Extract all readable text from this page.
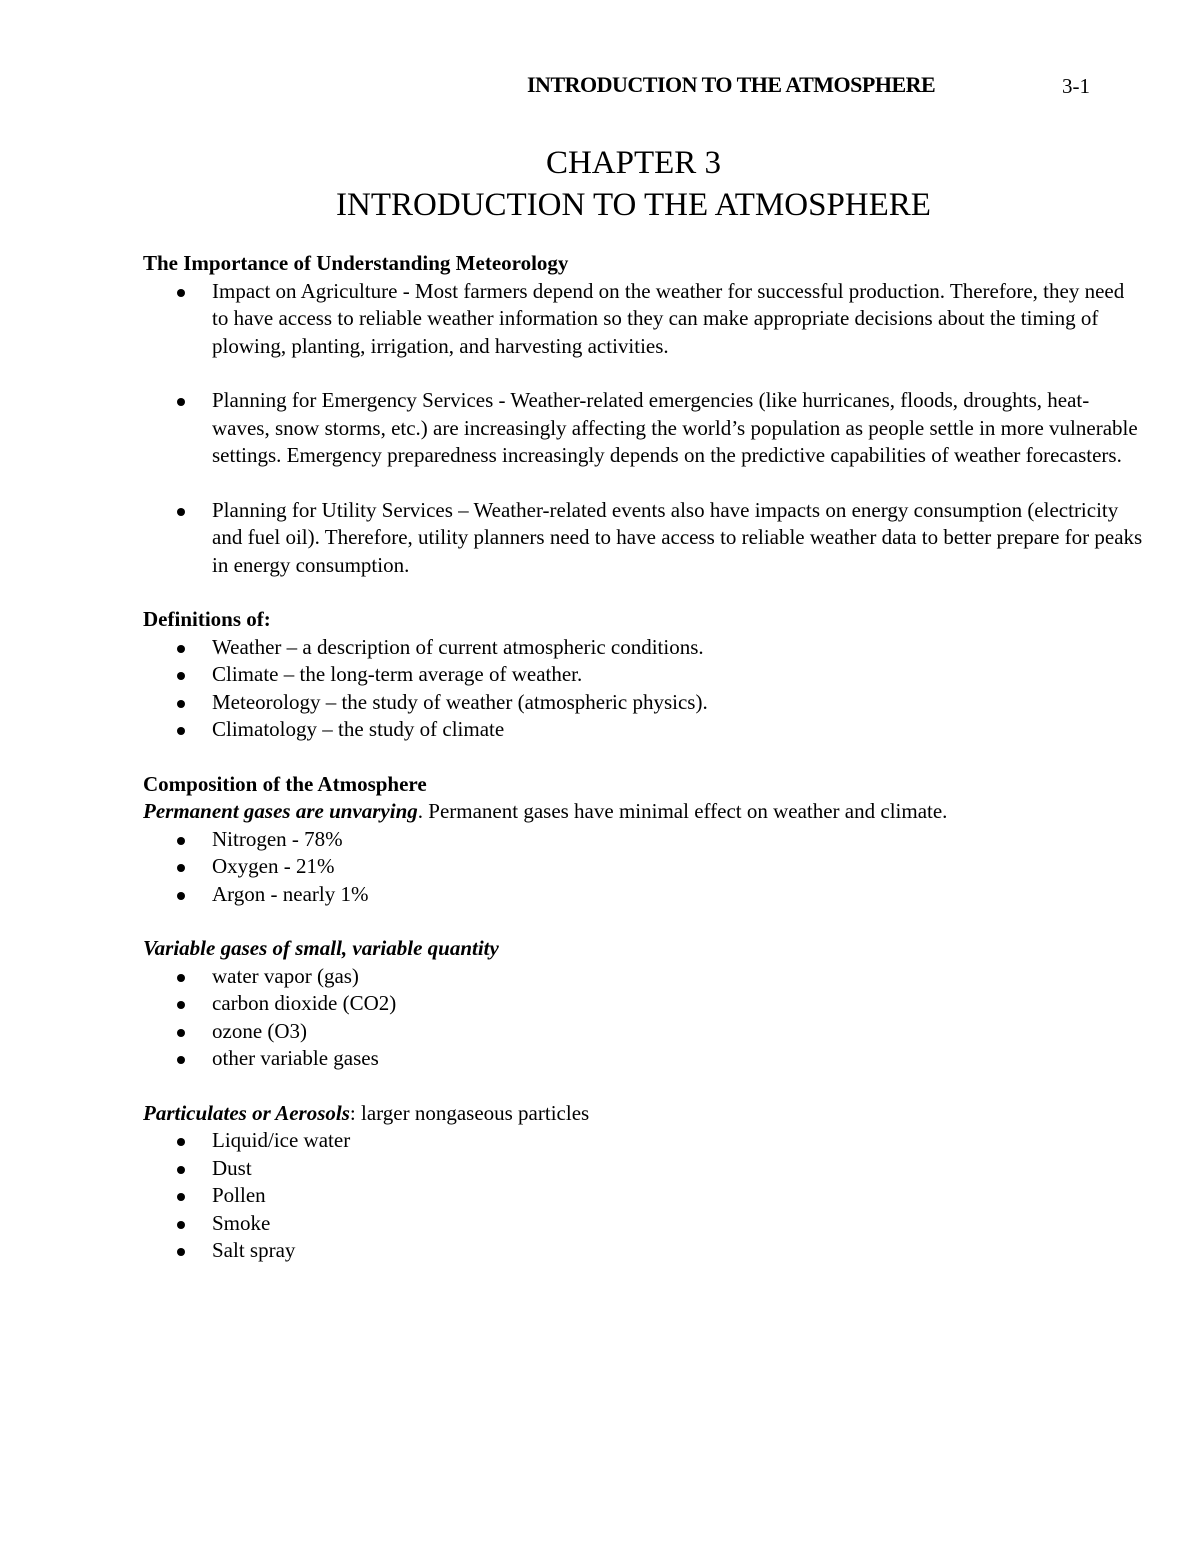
INTRODUCTION TO THE ATMOSPHERE	3-1
CHAPTER 3
INTRODUCTION TO THE ATMOSPHERE

The Importance of Understanding Meteorology

Impact on Agriculture - Most farmers depend on the weather for successful production. Therefore, they need to have access to reliable weather information so they can make appropriate decisions about the timing of plowing, planting, irrigation, and harvesting activities.
Planning for Emergency Services - Weather-related emergencies (like hurricanes, floods, droughts, heat-waves, snow storms, etc.) are increasingly affecting the world’s population as people settle in more vulnerable settings. Emergency preparedness increasingly depends on the predictive capabilities of weather forecasters.
Planning for Utility Services – Weather-related events also have impacts on energy consumption (electricity and fuel oil). Therefore, utility planners need to have access to reliable weather data to better prepare for peaks in energy consumption.

Definitions of:

Weather – a description of current atmospheric conditions.
Climate – the long-term average of weather.
Meteorology – the study of weather (atmospheric physics).
Climatology – the study of climate

Composition of the Atmosphere

Permanent gases are unvarying. Permanent gases have minimal effect on weather and climate.

Nitrogen - 78%
Oxygen - 21%
Argon - nearly 1%

Variable gases of small, variable quantity

water vapor (gas)
carbon dioxide (CO2)
ozone (O3)
other variable gases

Particulates or Aerosols: larger nongaseous particles

Liquid/ice water
Dust
Pollen
Smoke
Salt spray
